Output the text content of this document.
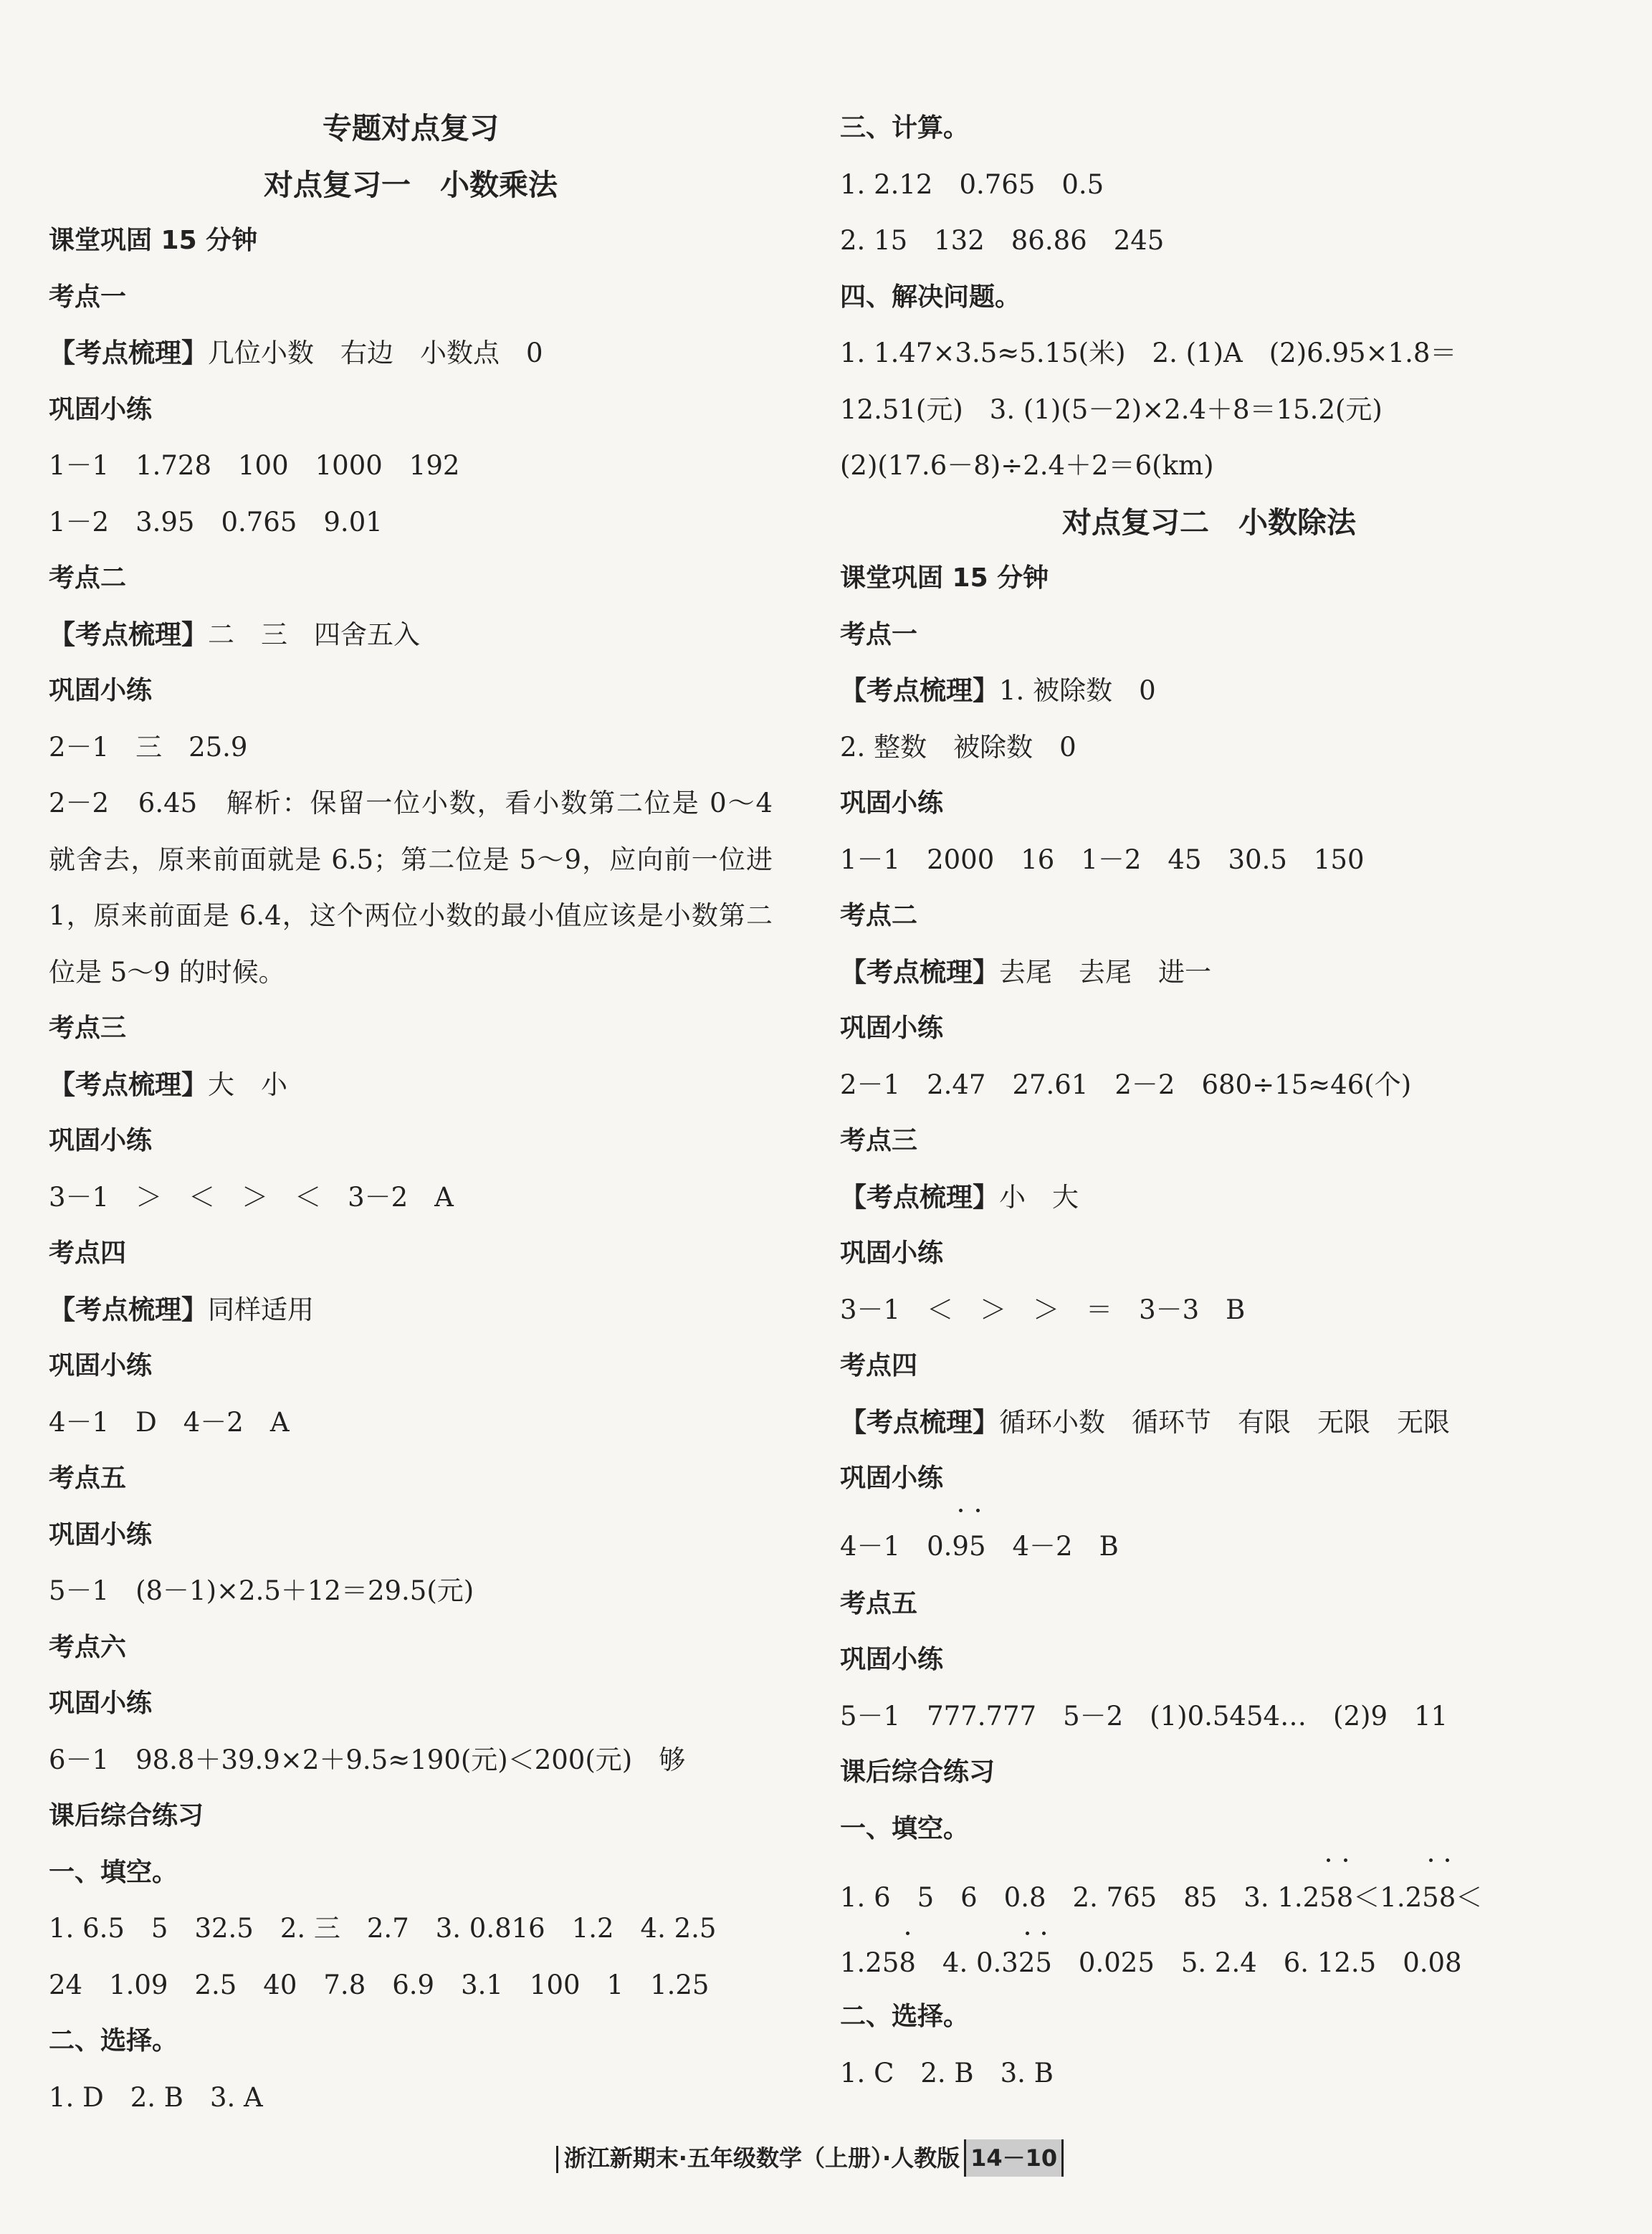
专题对点复习
对点复习一　小数乘法
课堂巩固 15 分钟
考点一
【考点梳理】几位小数　右边　小数点　0
巩固小练
1－1　1.728　100　1000　192
1－2　3.95　0.765　9.01
考点二
【考点梳理】二　三　四舍五入
巩固小练
2－1　三　25.9
2－2　6.45　解析：保留一位小数，看小数第二位是 0～4 就舍去，原来前面就是 6.5；第二位是 5～9，应向前一位进 1，原来前面是 6.4，这个两位小数的最小值应该是小数第二位是 5～9 的时候。
考点三
【考点梳理】大　小
巩固小练
3－1　＞　＜　＞　＜　3－2　A
考点四
【考点梳理】同样适用
巩固小练
4－1　D　4－2　A
考点五
巩固小练
5－1　(8－1)×2.5＋12＝29.5(元)
考点六
巩固小练
6－1　98.8＋39.9×2＋9.5≈190(元)＜200(元)　够
课后综合练习
一、填空。
1. 6.5　5　32.5　2. 三　2.7　3. 0.816　1.2　4. 2.5
24　1.09　2.5　40　7.8　6.9　3.1　100　1　1.25
二、选择。
1. D　2. B　3. A
三、计算。
1. 2.12　0.765　0.5
2. 15　132　86.86　245
四、解决问题。
1. 1.47×3.5≈5.15(米)　2. (1)A　(2)6.95×1.8＝
12.51(元)　3. (1)(5－2)×2.4＋8＝15.2(元)
(2)(17.6－8)÷2.4＋2＝6(km)
对点复习二　小数除法
课堂巩固 15 分钟
考点一
【考点梳理】1. 被除数　0
2. 整数　被除数　0
巩固小练
1－1　2000　16　1－2　45　30.5　150
考点二
【考点梳理】去尾　去尾　进一
巩固小练
2－1　2.47　27.61　2－2　680÷15≈46(个)
考点三
【考点梳理】小　大
巩固小练
3－1　＜　＞　＞　＝　3－3　B
考点四
【考点梳理】循环小数　循环节　有限　无限　无限
巩固小练
4－1　0.95　4－2　B
考点五
巩固小练
5－1　777.777　5－2　(1)0.5454…　(2)9　11
课后综合练习
一、填空。
1. 6　5　6　0.8　2. 765　85　3. 1.258＜1.258＜
1.258　4. 0.325　0.025　5. 2.4　6. 12.5　0.08
二、选择。
1. C　2. B　3. B
浙江新期末·五年级数学（上册）·人教版 14－10
